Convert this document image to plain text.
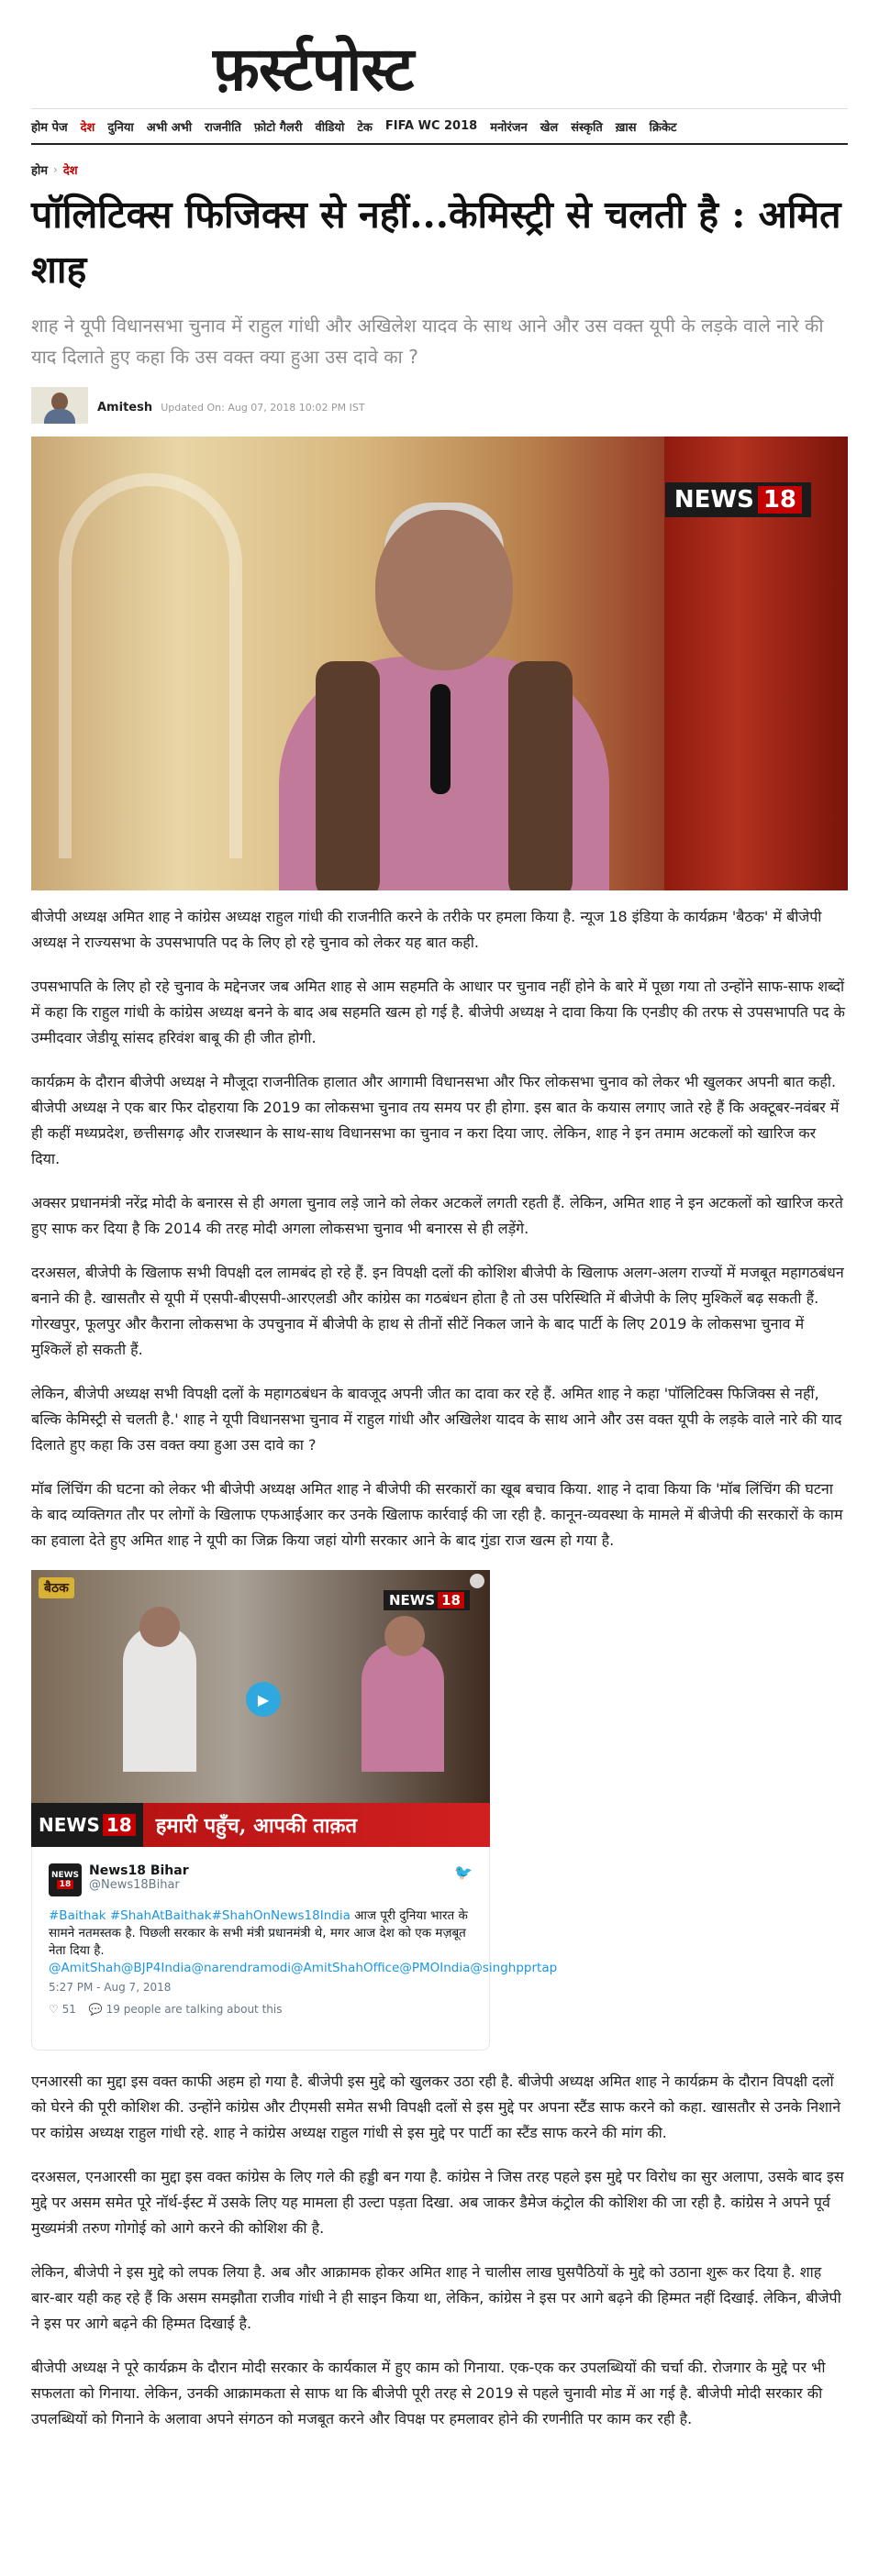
फ़र्स्टपोस्ट
होम पेज देश दुनिया अभी अभी राजनीति फ़ोटो गैलरी वीडियो टेक FIFA WC 2018 मनोरंजन खेल संस्कृति ख़ास क्रिकेट
होम › देश
पॉलिटिक्स फिजिक्स से नहीं...केमिस्ट्री से चलती है : अमित शाह

शाह ने यूपी विधानसभा चुनाव में राहुल गांधी और अखिलेश यादव के साथ आने और उस वक्त यूपी के लड़के वाले नारे की याद दिलाते हुए कहा कि उस वक्त क्या हुआ उस दावे का ?

Amitesh Updated On: Aug 07, 2018 10:02 PM IST
NEWS 18

बीजेपी अध्यक्ष अमित शाह ने कांग्रेस अध्यक्ष राहुल गांधी की राजनीति करने के तरीके पर हमला किया है. न्यूज 18 इंडिया के कार्यक्रम 'बैठक' में बीजेपी अध्यक्ष ने राज्यसभा के उपसभापति पद के लिए हो रहे चुनाव को लेकर यह बात कही.

उपसभापति के लिए हो रहे चुनाव के मद्देनजर जब अमित शाह से आम सहमति के आधार पर चुनाव नहीं होने के बारे में पूछा गया तो उन्होंने साफ-साफ शब्दों में कहा कि राहुल गांधी के कांग्रेस अध्यक्ष बनने के बाद अब सहमति खत्म हो गई है. बीजेपी अध्यक्ष ने दावा किया कि एनडीए की तरफ से उपसभापति पद के उम्मीदवार जेडीयू सांसद हरिवंश बाबू की ही जीत होगी.

कार्यक्रम के दौरान बीजेपी अध्यक्ष ने मौजूदा राजनीतिक हालात और आगामी विधानसभा और फिर लोकसभा चुनाव को लेकर भी खुलकर अपनी बात कही. बीजेपी अध्यक्ष ने एक बार फिर दोहराया कि 2019 का लोकसभा चुनाव तय समय पर ही होगा. इस बात के कयास लगाए जाते रहे हैं कि अक्टूबर-नवंबर में ही कहीं मध्यप्रदेश, छत्तीसगढ़ और राजस्थान के साथ-साथ विधानसभा का चुनाव न करा दिया जाए. लेकिन, शाह ने इन तमाम अटकलों को खारिज कर दिया.

अक्सर प्रधानमंत्री नरेंद्र मोदी के बनारस से ही अगला चुनाव लड़े जाने को लेकर अटकलें लगती रहती हैं. लेकिन, अमित शाह ने इन अटकलों को खारिज करते हुए साफ कर दिया है कि 2014 की तरह मोदी अगला लोकसभा चुनाव भी बनारस से ही लड़ेंगे.

दरअसल, बीजेपी के खिलाफ सभी विपक्षी दल लामबंद हो रहे हैं. इन विपक्षी दलों की कोशिश बीजेपी के खिलाफ अलग-अलग राज्यों में मजबूत महागठबंधन बनाने की है. खासतौर से यूपी में एसपी-बीएसपी-आरएलडी और कांग्रेस का गठबंधन होता है तो उस परिस्थिति में बीजेपी के लिए मुश्किलें बढ़ सकती हैं. गोरखपुर, फूलपुर और कैराना लोकसभा के उपचुनाव में बीजेपी के हाथ से तीनों सीटें निकल जाने के बाद पार्टी के लिए 2019 के लोकसभा चुनाव में मुश्किलें हो सकती हैं.

लेकिन, बीजेपी अध्यक्ष सभी विपक्षी दलों के महागठबंधन के बावजूद अपनी जीत का दावा कर रहे हैं. अमित शाह ने कहा 'पॉलिटिक्स फिजिक्स से नहीं, बल्कि केमिस्ट्री से चलती है.' शाह ने यूपी विधानसभा चुनाव में राहुल गांधी और अखिलेश यादव के साथ आने और उस वक्त यूपी के लड़के वाले नारे की याद दिलाते हुए कहा कि उस वक्त क्या हुआ उस दावे का ?

मॉब लिंचिंग की घटना को लेकर भी बीजेपी अध्यक्ष अमित शाह ने बीजेपी की सरकारों का खूब बचाव किया. शाह ने दावा किया कि 'मॉब लिंचिंग की घटना के बाद व्यक्तिगत तौर पर लोगों के खिलाफ एफआईआर कर उनके खिलाफ कार्रवाई की जा रही है. कानून-व्यवस्था के मामले में बीजेपी की सरकारों के काम का हवाला देते हुए अमित शाह ने यूपी का जिक्र किया जहां योगी सरकार आने के बाद गुंडा राज खत्म हो गया है.

बैठक
NEWS 18
▶
NEWS 18 हमारी पहुँच, आपकी ताक़त
NEWS
18
News18 Bihar
@News18Bihar
🐦
#Baithak #ShahAtBaithak#ShahOnNews18India आज पूरी दुनिया भारत के सामने नतमस्तक है. पिछली सरकार के सभी मंत्री प्रधानमंत्री थे, मगर आज देश को एक मज़बूत नेता दिया है. @AmitShah@BJP4India@narendramodi@AmitShahOffice@PMOIndia@singhpprtap
5:27 PM - Aug 7, 2018
♡ 51 💬 19 people are talking about this

एनआरसी का मुद्दा इस वक्त काफी अहम हो गया है. बीजेपी इस मुद्दे को खुलकर उठा रही है. बीजेपी अध्यक्ष अमित शाह ने कार्यक्रम के दौरान विपक्षी दलों को घेरने की पूरी कोशिश की. उन्होंने कांग्रेस और टीएमसी समेत सभी विपक्षी दलों से इस मुद्दे पर अपना स्टैंड साफ करने को कहा. खासतौर से उनके निशाने पर कांग्रेस अध्यक्ष राहुल गांधी रहे. शाह ने कांग्रेस अध्यक्ष राहुल गांधी से इस मुद्दे पर पार्टी का स्टैंड साफ करने की मांग की.

दरअसल, एनआरसी का मुद्दा इस वक्त कांग्रेस के लिए गले की हड्डी बन गया है. कांग्रेस ने जिस तरह पहले इस मुद्दे पर विरोध का सुर अलापा, उसके बाद इस मुद्दे पर असम समेत पूरे नॉर्थ-ईस्ट में उसके लिए यह मामला ही उल्टा पड़ता दिखा. अब जाकर डैमेज कंट्रोल की कोशिश की जा रही है. कांग्रेस ने अपने पूर्व मुख्यमंत्री तरुण गोगोई को आगे करने की कोशिश की है.

लेकिन, बीजेपी ने इस मुद्दे को लपक लिया है. अब और आक्रामक होकर अमित शाह ने चालीस लाख घुसपैठियों के मुद्दे को उठाना शुरू कर दिया है. शाह बार-बार यही कह रहे हैं कि असम समझौता राजीव गांधी ने ही साइन किया था, लेकिन, कांग्रेस ने इस पर आगे बढ़ने की हिम्मत नहीं दिखाई. लेकिन, बीजेपी ने इस पर आगे बढ़ने की हिम्मत दिखाई है.

बीजेपी अध्यक्ष ने पूरे कार्यक्रम के दौरान मोदी सरकार के कार्यकाल में हुए काम को गिनाया. एक-एक कर उपलब्धियों की चर्चा की. रोजगार के मुद्दे पर भी सफलता को गिनाया. लेकिन, उनकी आक्रामकता से साफ था कि बीजेपी पूरी तरह से 2019 से पहले चुनावी मोड में आ गई है. बीजेपी मोदी सरकार की उपलब्धियों को गिनाने के अलावा अपने संगठन को मजबूत करने और विपक्ष पर हमलावर होने की रणनीति पर काम कर रही है.
